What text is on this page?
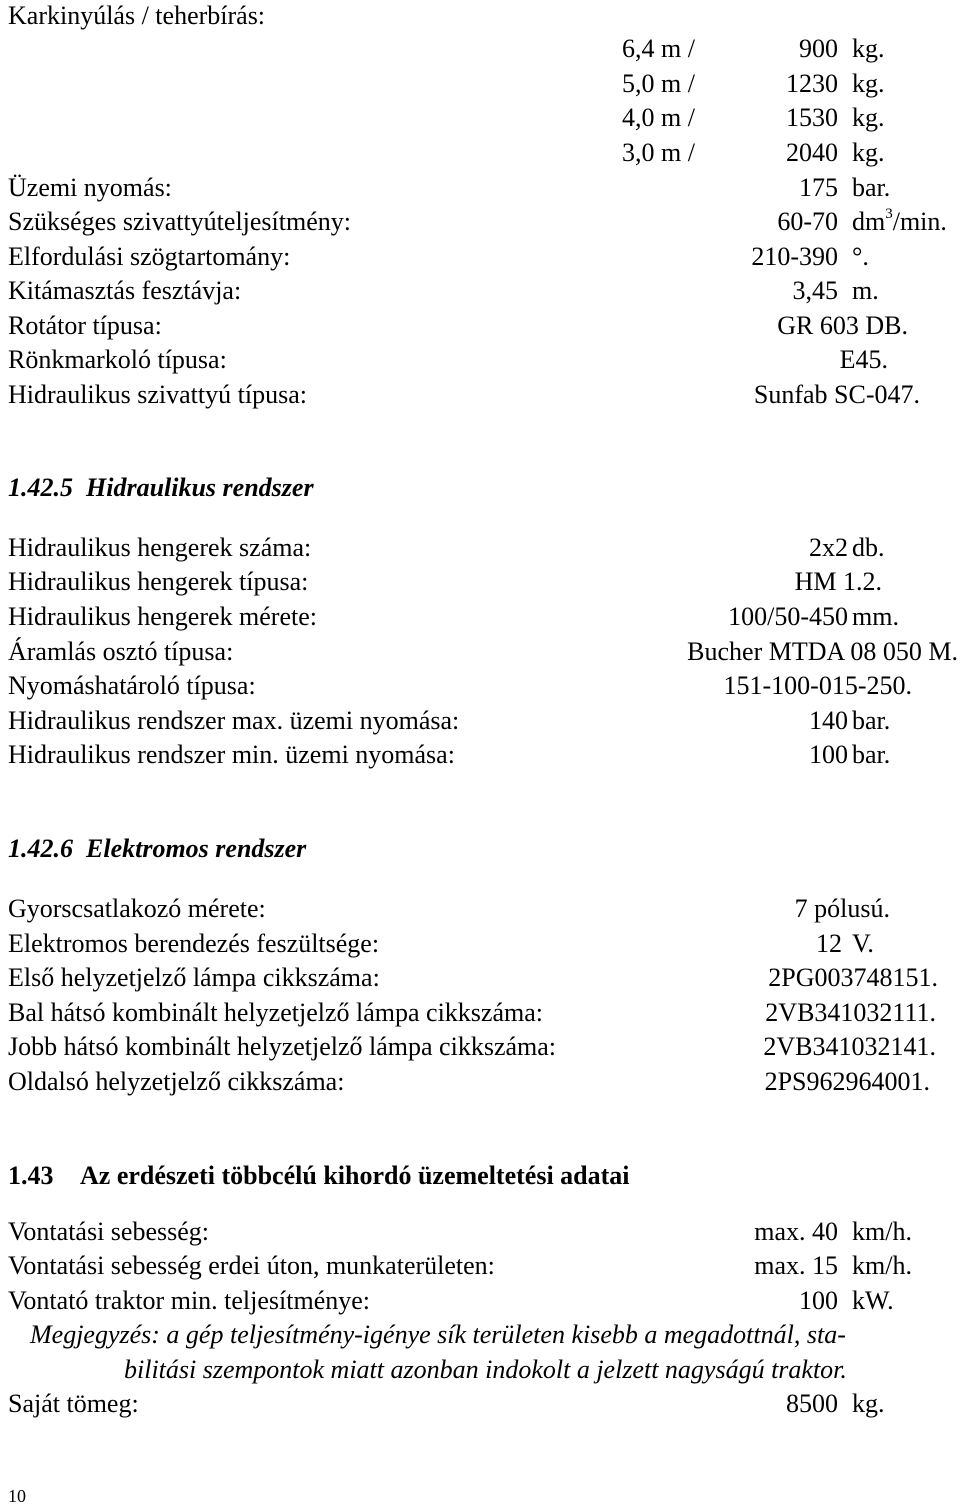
Karkinyúlás / teherbírás:
6,4 m /	900 kg.
5,0 m /	1230 kg.
4,0 m /	1530 kg.
3,0 m /	2040 kg.
Üzemi nyomás:	175 bar.
Szükséges szivattyúteljesítmény:	60-70 $dm^3/\min$.
Elfordulási szögtartomány:	210-390 °.
Kitámasztás fesztávja:	3,45 m.
Rotátor típusa:	GR 603 DB.
Rönkmarkoló típusa:	E45.
Hidraulikus szivattyú típusa:	Sunfab SC-047.
1.42.5  Hidraulikus rendszer
Hidraulikus hengerek száma:	2x2 db.
Hidraulikus hengerek típusa:	HM 1.2.
Hidraulikus hengerek mérete:	100/50-450 mm.
Áramlás osztó típusa:	Bucher MTDA 08 050 M.
Nyomáshatároló típusa:	151-100-015-250.
Hidraulikus rendszer max. üzemi nyomása:	140 bar.
Hidraulikus rendszer min. üzemi nyomása:	100 bar.
1.42.6  Elektromos rendszer
Gyorscsatlakozó mérete:	7 pólusú.
Elektromos berendezés feszültsége:	12 V.
Első helyzetjelző lámpa cikkszáma:	2PG003748151.
Bal hátsó kombinált helyzetjelző lámpa cikkszáma:	2VB341032111.
Jobb hátsó kombinált helyzetjelző lámpa cikkszáma:	2VB341032141.
Oldalsó helyzetjelző cikkszáma:	2PS962964001.
1.43 Az erdészeti többcélú kihordó üzemeltetési adatai
Vontatási sebesség:	max. 40 km/h.
Vontatási sebesség erdei úton, munkaterületen:	max. 15 km/h.
Vontató traktor min. teljesítménye:	100 kW.
Megjegyzés: a gép teljesítmény-igénye sík területen kisebb a megadottnál, sta-
bilitási szempontok miatt azonban indokolt a jelzett nagyságú traktor.
Saját tömeg:	8500 kg.
10
